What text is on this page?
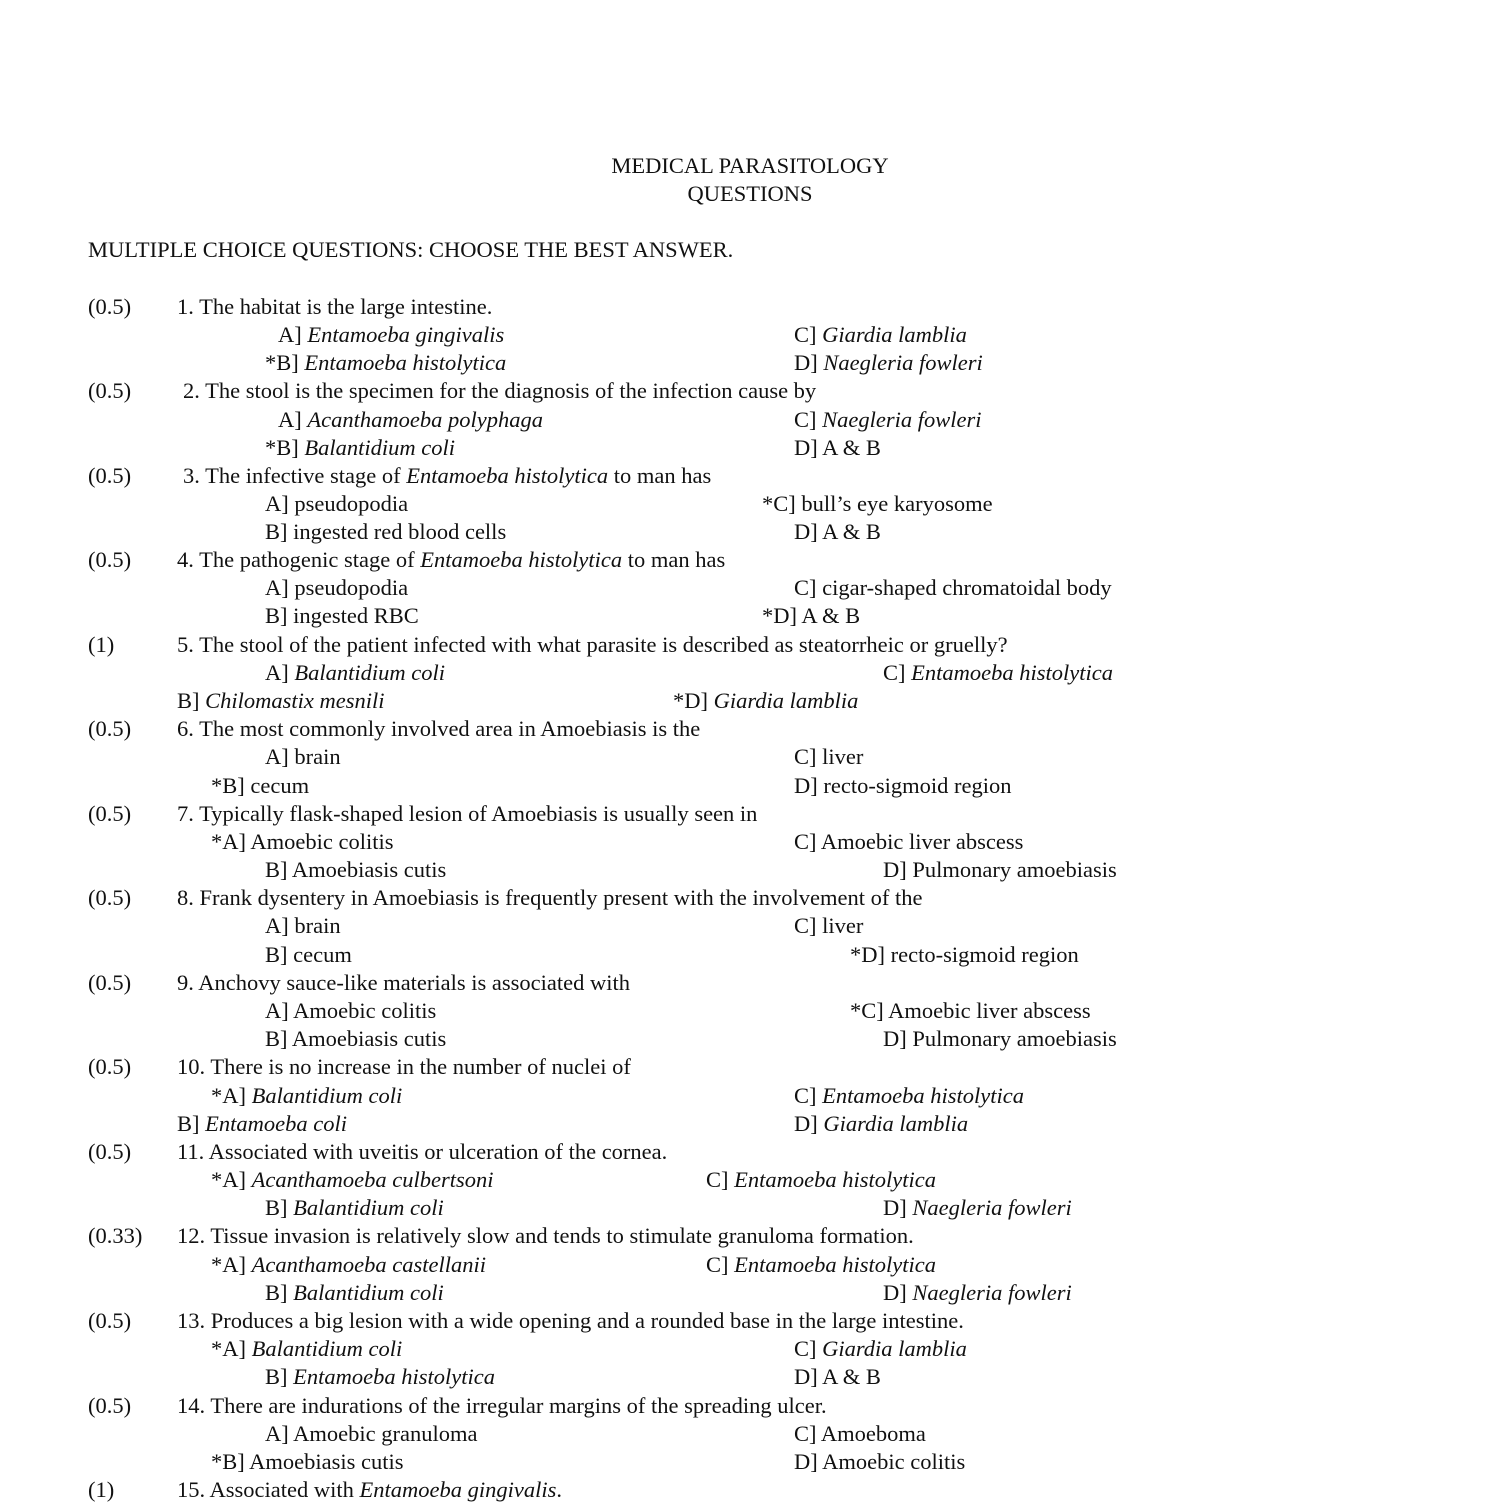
MEDICAL PARASITOLOGY
QUESTIONS
MULTIPLE CHOICE QUESTIONS: CHOOSE THE BEST ANSWER.
(0.5) 1. The habitat is the large intestine.
A] Entamoeba gingivalis	C] Giardia lamblia
*B] Entamoeba histolytica	D] Naegleria fowleri
(0.5) 2. The stool is the specimen for the diagnosis of the infection cause by
A] Acanthamoeba polyphaga	C] Naegleria fowleri
*B] Balantidium coli	D] A & B
(0.5) 3. The infective stage of Entamoeba histolytica to man has
A] pseudopodia	*C] bull’s eye karyosome
B] ingested red blood cells	D] A & B
(0.5) 4. The pathogenic stage of Entamoeba histolytica to man has
A] pseudopodia	C] cigar-shaped chromatoidal body
B] ingested RBC	*D] A & B
(1)	5. The stool of the patient infected with what parasite is described as steatorrheic or gruelly?
A] Balantidium coli	C] Entamoeba histolytica
B] Chilomastix mesnili	*D] Giardia lamblia
(0.5) 6. The most commonly involved area in Amoebiasis is the
A] brain	C] liver
*B] cecum	D] recto-sigmoid region
(0.5) 7. Typically flask-shaped lesion of Amoebiasis is usually seen in
*A] Amoebic colitis	C] Amoebic liver abscess
B] Amoebiasis cutis	D] Pulmonary amoebiasis
(0.5) 8. Frank dysentery in Amoebiasis is frequently present with the involvement of the
A] brain	C] liver
B] cecum	*D] recto-sigmoid region
(0.5) 9. Anchovy sauce-like materials is associated with
A] Amoebic colitis	*C] Amoebic liver abscess
B] Amoebiasis cutis	D] Pulmonary amoebiasis
(0.5) 10. There is no increase in the number of nuclei of
*A] Balantidium coli	C] Entamoeba histolytica
B] Entamoeba coli	D] Giardia lamblia
(0.5) 11. Associated with uveitis or ulceration of the cornea.
*A] Acanthamoeba culbertsoni	C] Entamoeba histolytica
B] Balantidium coli	D] Naegleria fowleri
(0.33) 12. Tissue invasion is relatively slow and tends to stimulate granuloma formation.
*A] Acanthamoeba castellanii	C] Entamoeba histolytica
B] Balantidium coli	D] Naegleria fowleri
(0.5) 13. Produces a big lesion with a wide opening and a rounded base in the large intestine.
*A] Balantidium coli	C] Giardia lamblia
B] Entamoeba histolytica	D] A & B
(0.5) 14. There are indurations of the irregular margins of the spreading ulcer.
A] Amoebic granuloma	C] Amoeboma
*B] Amoebiasis cutis	D] Amoebic colitis
(1)	15. Associated with Entamoeba gingivalis.
